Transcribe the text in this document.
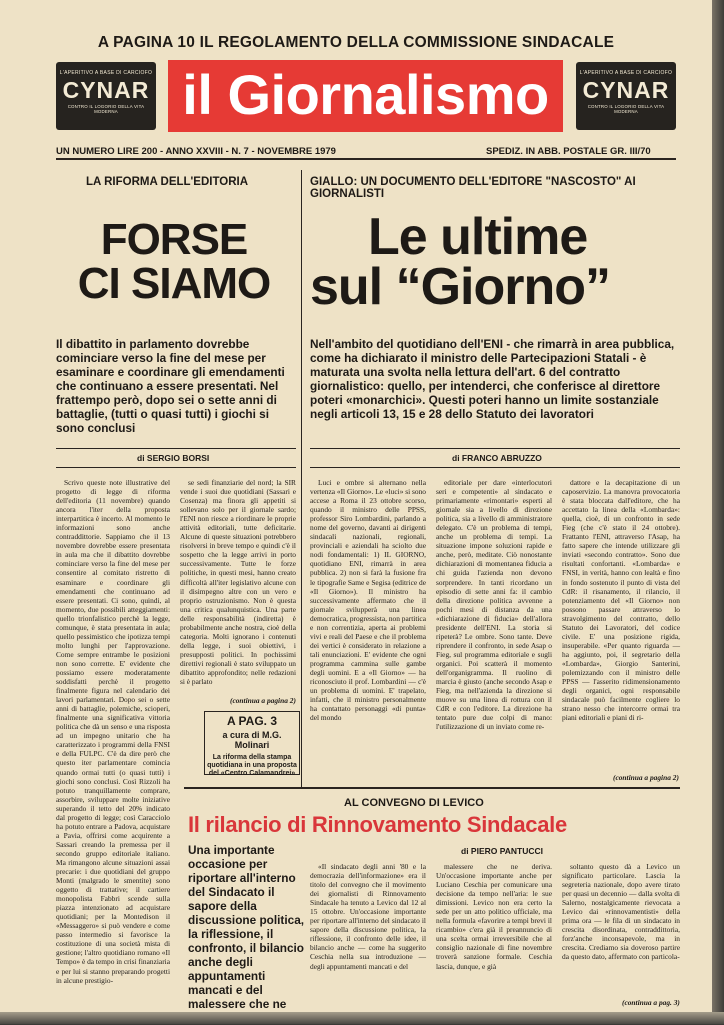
A PAGINA 10 IL REGOLAMENTO DELLA COMMISSIONE SINDACALE
L'APERITIVO A BASE DI CARCIOFO
CYNAR
CONTRO IL LOGORIO DELLA VITA MODERNA	il Giornalismo	L'APERITIVO A BASE DI CARCIOFO
CYNAR
CONTRO IL LOGORIO DELLA VITA MODERNA
UN NUMERO LIRE 200 - ANNO XXVIII - N. 7 - NOVEMBRE 1979	SPEDIZ. IN ABB. POSTALE GR. III/70
LA RIFORMA DELL'EDITORIA
FORSE
CI SIAMO
Il dibattito in parlamento dovrebbe cominciare verso la fine del mese per esaminare e coordinare gli emendamenti che continuano a essere presentati. Nel frattempo però, dopo sei o sette anni di battaglie, (tutti o quasi tutti) i giochi si sono conclusi
di SERGIO BORSI

Scrivo queste note illustrative del progetto di legge di riforma dell'editoria (11 novembre) quando ancora l'iter della proposta interpartitica è incerto. Al momento le informazioni sono anche contraddittorie. Sappiamo che il 13 novembre dovrebbe essere presentata in aula ma che il dibattito dovrebbe cominciare verso la fine del mese per consentire al comitato ristretto di esaminare e coordinare gli emendamenti che continuano ad essere presentati. Ci sono, quindi, al momento, due possibili atteggiamenti: quello trionfalistico perchè la legge, comunque, è stata presentata in aula; quello pessimistico che ipotizza tempi molto lunghi per l'approvazione. Come sempre entrambe le posizioni non sono corrette. E' evidente che possiamo essere moderatamente soddisfatti perchè il progetto finalmente figura nel calendario dei lavori parlamentari. Dopo sei o sette anni di battaglie, polemiche, scioperi, finalmente una significativa vittoria politica che dà un senso e una risposta ad un impegno unitario che ha caratterizzato i programmi della FNSI e della FULPC. C'è da dire però che questo iter parlamentare comincia quando ormai tutti (o quasi tutti) i giochi sono conclusi. Così Rizzoli ha potuto tranquillamente comprare, assorbire, sviluppare molte iniziative superando il tetto del 20% indicato dal progetto di legge; così Caracciolo ha potuto entrare a Padova, acquistare a Pavia, offrirsi come acquirente a Sassari creando la premessa per il secondo gruppo editoriale italiano. Ma rimangono alcune situazioni assai precarie: i due quotidiani del gruppo Monti (malgrado le smentite) sono oggetto di trattative; il cartiere monopolista Fabbri scende sulla piazza intenzionato ad acquistare quotidiani; per la Montedison il «Messaggero» si può vendere e come passo intermedio si favorisce la costituzione di una società mista di gestione; l'altro quotidiano romano «Il Tempo» è da tempo in crisi finanziaria e per lui si stanno preparando progetti in alcune prestigio-

se sedi finanziarie del nord; la SIR vende i suoi due quotidiani (Sassari e Cosenza) ma finora gli appetiti si sollevano solo per il giornale sardo; l'ENI non riesce a riordinare le proprie attività editoriali, tutte deficitarie. Alcune di queste situazioni potrebbero risolversi in breve tempo e quindi c'è il sospetto che la legge arrivi in porto successivamente. Tutte le forze politiche, in questi mesi, hanno creato difficoltà all'iter legislativo alcune con il disimpegno altre con un vero e proprio ostruzionismo. Non è questa una critica qualunquistica. Una parte delle responsabilità (indiretta) è probabilmente anche nostra, cioè della categoria. Molti ignorano i contenuti della legge, i suoi obiettivi, i presupposti politici. In pochissimi direttivi regionali è stato sviluppato un dibattito approfondito; nelle redazioni si è parlato

(continua a pagina 2)
A PAG. 3
a cura di M.G. Molinari
La riforma della stampa quotidiana in una proposta del «Centro Calamandrei»
GIALLO: UN DOCUMENTO DELL'EDITORE "NASCOSTO" AI GIORNALISTI
Le ultime
sul “Giorno”
Nell'ambito del quotidiano dell'ENI - che rimarrà in area pubblica, come ha dichiarato il ministro delle Partecipazioni Statali - è maturata una svolta nella lettura dell'art. 6 del contratto giornalistico: quello, per intenderci, che conferisce al direttore poteri «monarchici». Questi poteri hanno un limite sostanziale negli articoli 13, 15 e 28 dello Statuto dei lavoratori
di FRANCO ABRUZZO

Luci e ombre si alternano nella vertenza «Il Giorno». Le «luci» si sono accese a Roma il 23 ottobre scorso, quando il ministro delle PPSS, professor Siro Lombardini, parlando a nome del governo, davanti ai dirigenti sindacali nazionali, regionali, provinciali e aziendali ha sciolto due nodi fondamentali: 1) IL GIORNO, quotidiano ENI, rimarrà in area pubblica. 2) non si farà la fusione fra le tipografie Same e Segisa (editrice de «Il Giorno»). Il ministro ha successivamente affermato che il giornale svilupperà una linea democratica, progressista, non partitica e non correntizia, aperta ai problemi vivi e reali del Paese e che il problema dei vertici è considerato in relazione a tali enunciazioni. E' evidente che ogni programma cammina sulle gambe degli uomini. E a «Il Giorno» — ha riconosciuto il prof. Lombardini — c'è un problema di uomini. E' trapelato, infatti, che il ministro personalmente ha contattato personaggi «di punta» del mondo

editoriale per dare «interlocutori seri e competenti» al sindacato e primariamente «rimontari» esperti al giornale sia a livello di direzione politica, sia a livello di amministratore delegato. C'è un problema di tempi, anche un problema di tempi. La situazione impone soluzioni rapide e anche, però, meditate. Ciò nonostante dichiarazioni di momentanea fiducia a chi guida l'azienda non devono sorprendere. In tanti ricordano un episodio di sette anni fa: il cambio della direzione politica avvenne a pochi mesi di distanza da una «dichiarazione di fiducia» dell'allora presidente dell'ENI. La storia si ripeterà? Le ombre. Sono tante. Deve riprendere il confronto, in sede Asap o Fieg, sul programma editoriale e sugli organici. Poi scatterà il momento dell'organigramma. Il ruolino di marcia è giusto (anche secondo Asap e Fieg, ma nell'azienda la direzione si muove su una linea di rottura con il CdR e con l'editore. La direzione ha tentato pure due colpi di mano: l'utilizzazione di un inviato come re-

dattore e la decapitazione di un caposervizio. La manovra provocatoria è stata bloccata dall'editore, che ha accettato la linea della «Lombarda»: quella, cioè, di un confronto in sede Fieg (che c'è stato il 24 ottobre). Frattanto l'ENI, attraverso l'Asap, ha fatto sapere che intende utilizzare gli inviati «secondo contratto». Sono due risultati confortanti. «Lombarda» e FNSI, in verità, hanno con lealtà e fino in fondo sostenuto il punto di vista del CdR: il risanamento, il rilancio, il potenziamento del «Il Giorno» non possono passare attraverso lo stravolgimento del contratto, dello Statuto dei Lavoratori, del codice civile. E' una posizione rigida, insuperabile. «Per quanto riguarda — ha aggiunto, poi, il segretario della «Lombarda», Giorgio Santerini, polemizzando con il ministro delle PPSS — l'asserito ridimensionamento degli organici, ogni responsabile sindacale può facilmente cogliere lo strano nesso che intercorre ormai tra piani editoriali e piani di ri-

(continua a pagina 2)
AL CONVEGNO DI LEVICO
Il rilancio di Rinnovamento Sindacale
Una importante occasione per riportare all'interno del Sindacato il sapore della discussione politica, la riflessione, il confronto, il bilancio anche degli appuntamenti mancati e del malessere che ne
di PIERO PANTUCCI

«Il sindacato degli anni '80 e la democrazia dell'informazione» era il titolo del convegno che il movimento dei giornalisti di Rinnovamento Sindacale ha tenuto a Levico dal 12 al 15 ottobre. Un'occasione importante per riportare all'interno del sindacato il sapore della discussione politica, la riflessione, il confronto delle idee, il bilancio anche — come ha suggerito Ceschia nella sua introduzione — degli appuntamenti mancati e del

malessere che ne deriva. Un'occasione importante anche per Luciano Ceschia per comunicare una decisione da tempo nell'aria: le sue dimissioni. Levico non era certo la sede per un atto politico ufficiale, ma nella formula «favorire a tempi brevi il ricambio» c'era già il preannuncio di una scelta ormai irreversibile che al consiglio nazionale di fine novembre troverà sanzione formale. Ceschia lascia, dunque, e già

soltanto questo dà a Levico un significato particolare. Lascia la segreteria nazionale, dopo avere tirato per quasi un decennio — dalla svolta di Salerno, nostalgicamente rievocata a Levico dai «rinnovamentisti» della prima ora — le fila di un sindacato in crescita disordinata, contraddittoria, forz'anche inconsapevole, ma in crescita. Crediamo sia doveroso partire da questo dato, affermato con particola-

(continua a pag. 3)
